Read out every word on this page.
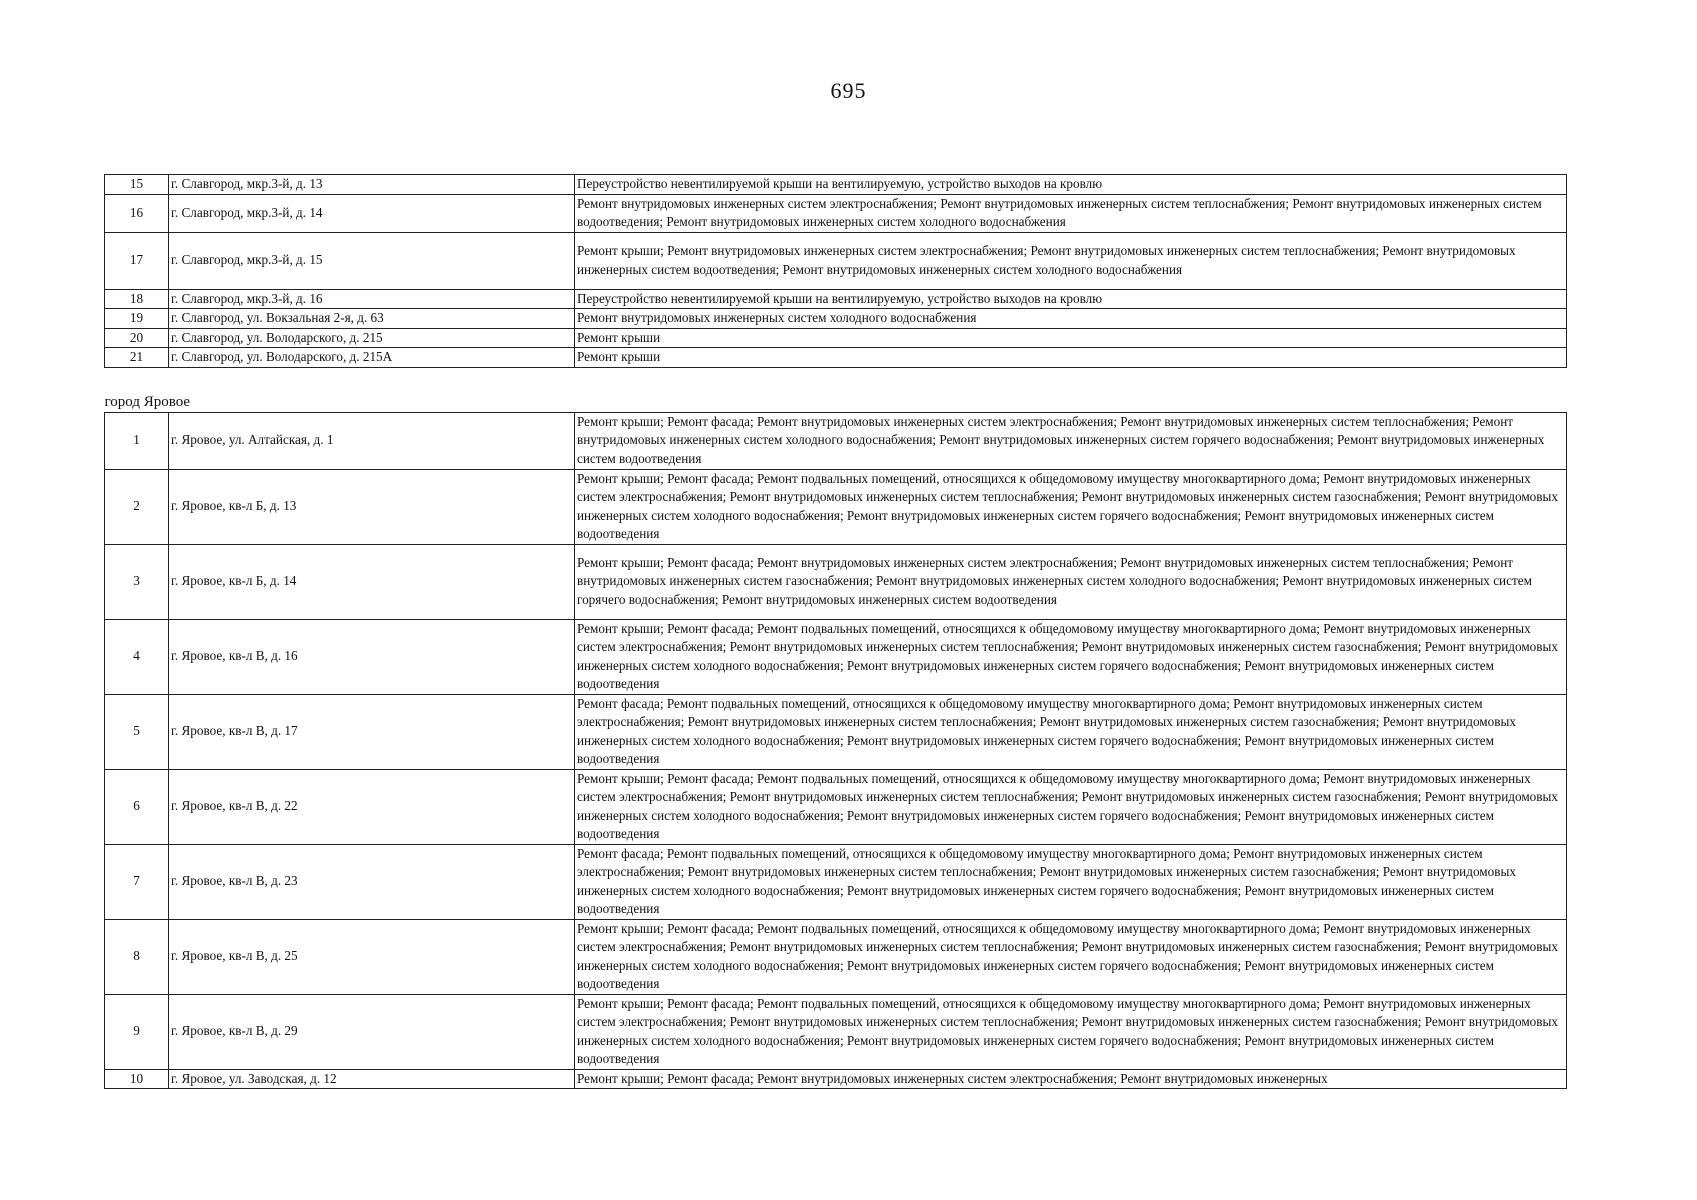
695
15	г. Славгород, мкр.3-й, д. 13	Переустройство невентилируемой крыши на вентилируемую, устройство выходов на кровлю
16	г. Славгород, мкр.3-й, д. 14	Ремонт внутридомовых инженерных систем электроснабжения; Ремонт внутридомовых инженерных систем теплоснабжения; Ремонт внутридомовых инженерных систем водоотведения; Ремонт внутридомовых инженерных систем холодного водоснабжения
17	г. Славгород, мкр.3-й, д. 15	Ремонт крыши; Ремонт внутридомовых инженерных систем электроснабжения; Ремонт внутридомовых инженерных систем теплоснабжения; Ремонт внутридомовых инженерных систем водоотведения; Ремонт внутридомовых инженерных систем холодного водоснабжения
18	г. Славгород, мкр.3-й, д. 16	Переустройство невентилируемой крыши на вентилируемую, устройство выходов на кровлю
19	г. Славгород, ул. Вокзальная 2-я, д. 63	Ремонт внутридомовых инженерных систем холодного водоснабжения
20	г. Славгород, ул. Володарского, д. 215	Ремонт крыши
21	г. Славгород, ул. Володарского, д. 215А	Ремонт крыши
город Яровое		
1	г. Яровое, ул. Алтайская, д. 1	Ремонт крыши; Ремонт фасада; Ремонт внутридомовых инженерных систем электроснабжения; Ремонт внутридомовых инженерных систем теплоснабжения; Ремонт внутридомовых инженерных систем холодного водоснабжения; Ремонт внутридомовых инженерных систем горячего водоснабжения; Ремонт внутридомовых инженерных систем водоотведения
2	г. Яровое, кв-л Б, д. 13	Ремонт крыши; Ремонт фасада; Ремонт подвальных помещений, относящихся к общедомовому имуществу многоквартирного дома; Ремонт внутридомовых инженерных систем электроснабжения; Ремонт внутридомовых инженерных систем теплоснабжения; Ремонт внутридомовых инженерных систем газоснабжения; Ремонт внутридомовых инженерных систем холодного водоснабжения; Ремонт внутридомовых инженерных систем горячего водоснабжения; Ремонт внутридомовых инженерных систем водоотведения
3	г. Яровое, кв-л Б, д. 14	Ремонт крыши; Ремонт фасада; Ремонт внутридомовых инженерных систем электроснабжения; Ремонт внутридомовых инженерных систем теплоснабжения; Ремонт внутридомовых инженерных систем газоснабжения; Ремонт внутридомовых инженерных систем холодного водоснабжения; Ремонт внутридомовых инженерных систем горячего водоснабжения; Ремонт внутридомовых инженерных систем водоотведения
4	г. Яровое, кв-л В, д. 16	Ремонт крыши; Ремонт фасада; Ремонт подвальных помещений, относящихся к общедомовому имуществу многоквартирного дома; Ремонт внутридомовых инженерных систем электроснабжения; Ремонт внутридомовых инженерных систем теплоснабжения; Ремонт внутридомовых инженерных систем газоснабжения; Ремонт внутридомовых инженерных систем холодного водоснабжения; Ремонт внутридомовых инженерных систем горячего водоснабжения; Ремонт внутридомовых инженерных систем водоотведения
5	г. Яровое, кв-л В, д. 17	Ремонт фасада; Ремонт подвальных помещений, относящихся к общедомовому имуществу многоквартирного дома; Ремонт внутридомовых инженерных систем электроснабжения; Ремонт внутридомовых инженерных систем теплоснабжения; Ремонт внутридомовых инженерных систем газоснабжения; Ремонт внутридомовых инженерных систем холодного водоснабжения; Ремонт внутридомовых инженерных систем горячего водоснабжения; Ремонт внутридомовых инженерных систем водоотведения
6	г. Яровое, кв-л В, д. 22	Ремонт крыши; Ремонт фасада; Ремонт подвальных помещений, относящихся к общедомовому имуществу многоквартирного дома; Ремонт внутридомовых инженерных систем электроснабжения; Ремонт внутридомовых инженерных систем теплоснабжения; Ремонт внутридомовых инженерных систем газоснабжения; Ремонт внутридомовых инженерных систем холодного водоснабжения; Ремонт внутридомовых инженерных систем горячего водоснабжения; Ремонт внутридомовых инженерных систем водоотведения
7	г. Яровое, кв-л В, д. 23	Ремонт фасада; Ремонт подвальных помещений, относящихся к общедомовому имуществу многоквартирного дома; Ремонт внутридомовых инженерных систем электроснабжения; Ремонт внутридомовых инженерных систем теплоснабжения; Ремонт внутридомовых инженерных систем газоснабжения; Ремонт внутридомовых инженерных систем холодного водоснабжения; Ремонт внутридомовых инженерных систем горячего водоснабжения; Ремонт внутридомовых инженерных систем водоотведения
8	г. Яровое, кв-л В, д. 25	Ремонт крыши; Ремонт фасада; Ремонт подвальных помещений, относящихся к общедомовому имуществу многоквартирного дома; Ремонт внутридомовых инженерных систем электроснабжения; Ремонт внутридомовых инженерных систем теплоснабжения; Ремонт внутридомовых инженерных систем газоснабжения; Ремонт внутридомовых инженерных систем холодного водоснабжения; Ремонт внутридомовых инженерных систем горячего водоснабжения; Ремонт внутридомовых инженерных систем водоотведения
9	г. Яровое, кв-л В, д. 29	Ремонт крыши; Ремонт фасада; Ремонт подвальных помещений, относящихся к общедомовому имуществу многоквартирного дома; Ремонт внутридомовых инженерных систем электроснабжения; Ремонт внутридомовых инженерных систем теплоснабжения; Ремонт внутридомовых инженерных систем газоснабжения; Ремонт внутридомовых инженерных систем холодного водоснабжения; Ремонт внутридомовых инженерных систем горячего водоснабжения; Ремонт внутридомовых инженерных систем водоотведения
10	г. Яровое, ул. Заводская, д. 12	Ремонт крыши; Ремонт фасада; Ремонт внутридомовых инженерных систем электроснабжения; Ремонт внутридомовых инженерных
